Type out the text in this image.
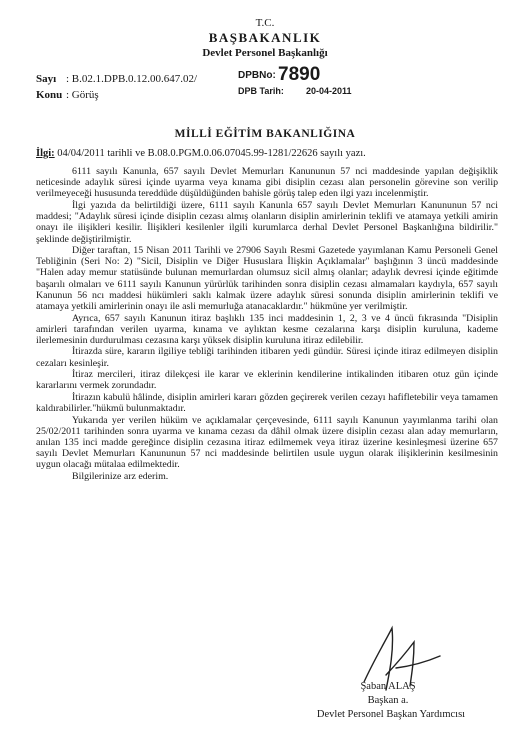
T.C.
BAŞBAKANLIK
Devlet Personel Başkanlığı
Sayı : B.02.1.DPB.0.12.00.647.02/
Konu : Görüş
DPBNo: 7890
DPB Tarih: 20-04-2011
MİLLİ EĞİTİM BAKANLIĞINA
İlgi: 04/04/2011 tarihli ve B.08.0.PGM.0.06.07045.99-1281/22626 sayılı yazı.

6111 sayılı Kanunla, 657 sayılı Devlet Memurları Kanununun 57 nci maddesinde yapılan değişiklik neticesinde adaylık süresi içinde uyarma veya kınama gibi disiplin cezası alan personelin görevine son verilip verilmeyeceği hususunda tereddüde düşüldüğünden bahisle görüş talep eden ilgi yazı incelenmiştir.

İlgi yazıda da belirtildiği üzere, 6111 sayılı Kanunla 657 sayılı Devlet Memurları Kanununun 57 nci maddesi; "Adaylık süresi içinde disiplin cezası almış olanların disiplin amirlerinin teklifi ve atamaya yetkili amirin onayı ile ilişikleri kesilir. İlişikleri kesilenler ilgili kurumlarca derhal Devlet Personel Başkanlığına bildirilir." şeklinde değiştirilmiştir.

Diğer taraftan, 15 Nisan 2011 Tarihli ve 27906 Sayılı Resmi Gazetede yayımlanan Kamu Personeli Genel Tebliğinin (Seri No: 2) "Sicil, Disiplin ve Diğer Hususlara İlişkin Açıklamalar" başlığının 3 üncü maddesinde "Halen aday memur statüsünde bulunan memurlardan olumsuz sicil almış olanlar; adaylık devresi içinde eğitimde başarılı olmaları ve 6111 sayılı Kanunun yürürlük tarihinden sonra disiplin cezası almamaları kaydıyla, 657 sayılı Kanunun 56 ncı maddesi hükümleri saklı kalmak üzere adaylık süresi sonunda disiplin amirlerinin teklifi ve atamaya yetkili amirlerinin onayı ile asli memurluğa atanacaklardır." hükmüne yer verilmiştir.

Ayrıca, 657 sayılı Kanunun itiraz başlıklı 135 inci maddesinin 1, 2, 3 ve 4 üncü fıkrasında "Disiplin amirleri tarafından verilen uyarma, kınama ve aylıktan kesme cezalarına karşı disiplin kuruluna, kademe ilerlemesinin durdurulması cezasına karşı yüksek disiplin kuruluna itiraz edilebilir.

İtirazda süre, kararın ilgiliye tebliği tarihinden itibaren yedi gündür. Süresi içinde itiraz edilmeyen disiplin cezaları kesinleşir.

İtiraz mercileri, itiraz dilekçesi ile karar ve eklerinin kendilerine intikalinden itibaren otuz gün içinde kararlarını vermek zorundadır.

İtirazın kabulü hâlinde, disiplin amirleri kararı gözden geçirerek verilen cezayı hafifletebilir veya tamamen kaldırabilirler."hükmü bulunmaktadır.

Yukarıda yer verilen hüküm ve açıklamalar çerçevesinde, 6111 sayılı Kanunun yayımlanma tarihi olan 25/02/2011 tarihinden sonra uyarma ve kınama cezası da dâhil olmak üzere disiplin cezası alan aday memurların, anılan 135 inci madde gereğince disiplin cezasına itiraz edilmemek veya itiraz üzerine kesinleşmesi üzerine 657 sayılı Devlet Memurları Kanununun 57 nci maddesinde belirtilen usule uygun olarak ilişiklerinin kesilmesinin uygun olacağı mütalaa edilmektedir.

Bilgilerinize arz ederim.

Şaban ALAŞ
Başkan a.
Devlet Personel Başkan Yardımcısı
